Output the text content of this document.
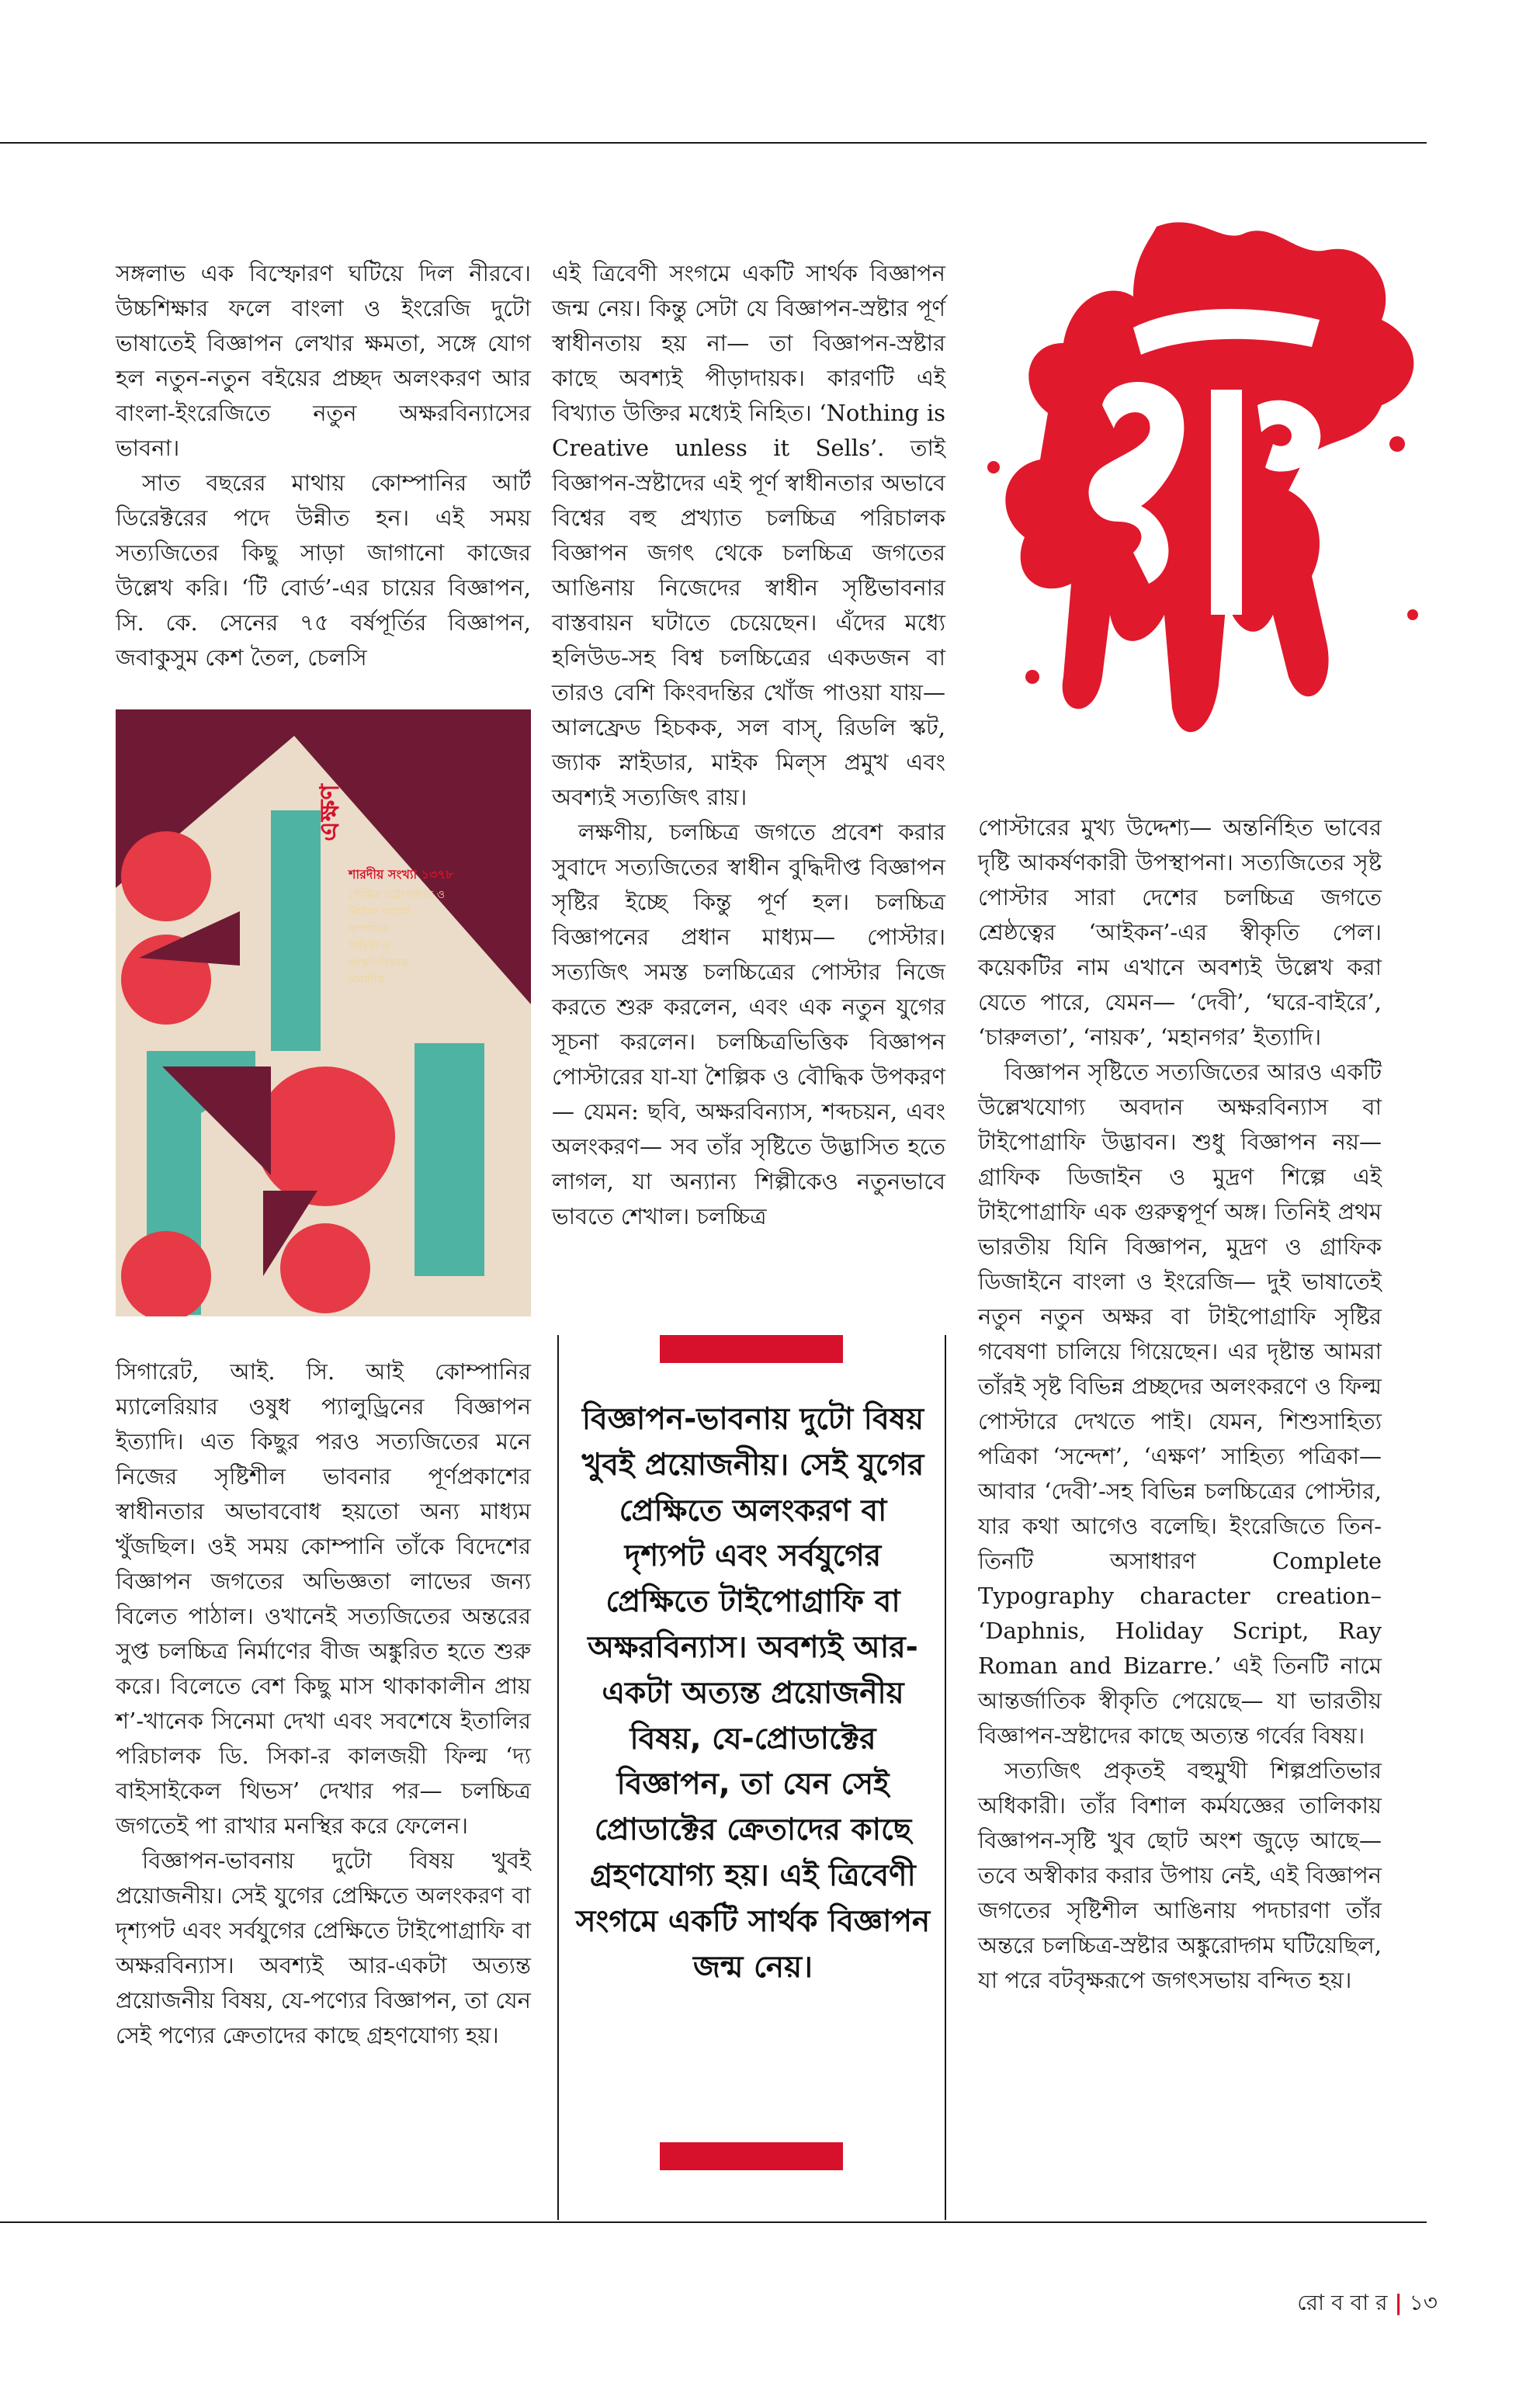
সঙ্গলাভ এক বিস্ফোরণ ঘটিয়ে দিল নীরবে। উচ্চশিক্ষার ফলে বাংলা ও ইংরেজি দুটো ভাষাতেই বিজ্ঞাপন লেখার ক্ষমতা, সঙ্গে যোগ হল নতুন-নতুন বইয়ের প্রচ্ছদ অলংকরণ আর বাংলা-ইংরেজিতে নতুন অক্ষরবিন্যাসের ভাবনা।

সাত বছরের মাথায় কোম্পানির আর্ট ডিরেক্টরের পদে উন্নীত হন। এই সময় সত্যজিতের কিছু সাড়া জাগানো কাজের উল্লেখ করি। ‘টি বোর্ড’-এর চায়ের বিজ্ঞাপন, সি. কে. সেনের ৭৫ বর্ষপূর্তির বিজ্ঞাপন, জবাকুসুম কেশ তৈল, চেলসি

এক্ষণ
শারদীয় সংখ্যা ১৩৭৮
সৌমিত্র চট্টোপাধ্যায় ও
নির্মাল্য আচার্য
সম্পাদিত
সাহিত্য ও
সংস্কৃতিবিষয়ক
বিমাসিক

সিগারেট, আই. সি. আই কোম্পানির ম্যালেরিয়ার ওষুধ প্যালুড্রিনের বিজ্ঞাপন ইত্যাদি। এত কিছুর পরও সত্যজিতের মনে নিজের সৃষ্টিশীল ভাবনার পূর্ণপ্রকাশের স্বাধীনতার অভাববোধ হয়তো অন্য মাধ্যম খুঁজছিল। ওই সময় কোম্পানি তাঁকে বিদেশের বিজ্ঞাপন জগতের অভিজ্ঞতা লাভের জন্য বিলেত পাঠাল। ওখানেই সত্যজিতের অন্তরের সুপ্ত চলচ্চিত্র নির্মাণের বীজ অঙ্কুরিত হতে শুরু করে। বিলেতে বেশ কিছু মাস থাকাকালীন প্রায় শ’-খানেক সিনেমা দেখা এবং সবশেষে ইতালির পরিচালক ডি. সিকা-র কালজয়ী ফিল্ম ‘দ্য বাইসাইকেল থিভস’ দেখার পর— চলচ্চিত্র জগতেই পা রাখার মনস্থির করে ফেলেন।

বিজ্ঞাপন-ভাবনায় দুটো বিষয় খুবই প্রয়োজনীয়। সেই যুগের প্রেক্ষিতে অলংকরণ বা দৃশ্যপট এবং সর্বযুগের প্রেক্ষিতে টাইপোগ্রাফি বা অক্ষরবিন্যাস। অবশ্যই আর-একটা অত্যন্ত প্রয়োজনীয় বিষয়, যে-পণ্যের বিজ্ঞাপন, তা যেন সেই পণ্যের ক্রেতাদের কাছে গ্রহণযোগ্য হয়।

এই ত্রিবেণী সংগমে একটি সার্থক বিজ্ঞাপন জন্ম নেয়। কিন্তু সেটা যে বিজ্ঞাপন-স্রষ্টার পূর্ণ স্বাধীনতায় হয় না— তা বিজ্ঞাপন-স্রষ্টার কাছে অবশ্যই পীড়াদায়ক। কারণটি এই বিখ্যাত উক্তির মধ্যেই নিহিত। ‘Nothing is Creative unless it Sells’. তাই বিজ্ঞাপন-স্রষ্টাদের এই পূর্ণ স্বাধীনতার অভাবে বিশ্বের বহু প্রখ্যাত চলচ্চিত্র পরিচালক বিজ্ঞাপন জগৎ থেকে চলচ্চিত্র জগতের আঙিনায় নিজেদের স্বাধীন সৃষ্টিভাবনার বাস্তবায়ন ঘটাতে চেয়েছেন। এঁদের মধ্যে হলিউড-সহ বিশ্ব চলচ্চিত্রের একডজন বা তারও বেশি কিংবদন্তির খোঁজ পাওয়া যায়— আলফ্রেড হিচকক, সল বাস্, রিডলি স্কট, জ্যাক স্নাইডার, মাইক মিল্স প্রমুখ এবং অবশ্যই সত্যজিৎ রায়।

লক্ষণীয়, চলচ্চিত্র জগতে প্রবেশ করার সুবাদে সত্যজিতের স্বাধীন বুদ্ধিদীপ্ত বিজ্ঞাপন সৃষ্টির ইচ্ছে কিন্তু পূর্ণ হল। চলচ্চিত্র বিজ্ঞাপনের প্রধান মাধ্যম— পোস্টার। সত্যজিৎ সমস্ত চলচ্চিত্রের পোস্টার নিজে করতে শুরু করলেন, এবং এক নতুন যুগের সূচনা করলেন। চলচ্চিত্রভিত্তিক বিজ্ঞাপন পোস্টারের যা-যা শৈল্পিক ও বৌদ্ধিক উপকরণ— যেমন: ছবি, অক্ষরবিন্যাস, শব্দচয়ন, এবং অলংকরণ— সব তাঁর সৃষ্টিতে উদ্ভাসিত হতে লাগল, যা অন্যান্য শিল্পীকেও নতুনভাবে ভাবতে শেখাল। চলচ্চিত্র

পোস্টারের মুখ্য উদ্দেশ্য— অন্তর্নিহিত ভাবের দৃষ্টি আকর্ষণকারী উপস্থাপনা। সত্যজিতের সৃষ্ট পোস্টার সারা দেশের চলচ্চিত্র জগতে শ্রেষ্ঠত্বের ‘আইকন’-এর স্বীকৃতি পেল। কয়েকটির নাম এখানে অবশ্যই উল্লেখ করা যেতে পারে, যেমন— ‘দেবী’, ‘ঘরে-বাইরে’, ‘চারুলতা’, ‘নায়ক’, ‘মহানগর’ ইত্যাদি।

বিজ্ঞাপন সৃষ্টিতে সত্যজিতের আরও একটি উল্লেখযোগ্য অবদান অক্ষরবিন্যাস বা টাইপোগ্রাফি উদ্ভাবন। শুধু বিজ্ঞাপন নয়— গ্রাফিক ডিজাইন ও মুদ্রণ শিল্পে এই টাইপোগ্রাফি এক গুরুত্বপূর্ণ অঙ্গ। তিনিই প্রথম ভারতীয় যিনি বিজ্ঞাপন, মুদ্রণ ও গ্রাফিক ডিজাইনে বাংলা ও ইংরেজি— দুই ভাষাতেই নতুন নতুন অক্ষর বা টাইপোগ্রাফি সৃষ্টির গবেষণা চালিয়ে গিয়েছেন। এর দৃষ্টান্ত আমরা তাঁরই সৃষ্ট বিভিন্ন প্রচ্ছদের অলংকরণে ও ফিল্ম পোস্টারে দেখতে পাই। যেমন, শিশুসাহিত্য পত্রিকা ‘সন্দেশ’, ‘এক্ষণ’ সাহিত্য পত্রিকা— আবার ‘দেবী’-সহ বিভিন্ন চলচ্চিত্রের পোস্টার, যার কথা আগেও বলেছি। ইংরেজিতে তিন-তিনটি অসাধারণ Complete Typography character creation– ‘Daphnis, Holiday Script, Ray Roman and Bizarre.’ এই তিনটি নামে আন্তর্জাতিক স্বীকৃতি পেয়েছে— যা ভারতীয় বিজ্ঞাপন-স্রষ্টাদের কাছে অত্যন্ত গর্বের বিষয়।

সত্যজিৎ প্রকৃতই বহুমুখী শিল্পপ্রতিভার অধিকারী। তাঁর বিশাল কর্মযজ্ঞের তালিকায় বিজ্ঞাপন-সৃষ্টি খুব ছোট অংশ জুড়ে আছে— তবে অস্বীকার করার উপায় নেই, এই বিজ্ঞাপন জগতের সৃষ্টিশীল আঙিনায় পদচারণা তাঁর অন্তরে চলচ্চিত্র-স্রষ্টার অঙ্কুরোদ্গম ঘটিয়েছিল, যা পরে বটবৃক্ষরূপে জগৎসভায় বন্দিত হয়।

বিজ্ঞাপন-ভাবনায় দুটো বিষয় খুবই প্রয়োজনীয়। সেই যুগের প্রেক্ষিতে অলংকরণ বা দৃশ্যপট এবং সর্বযুগের প্রেক্ষিতে টাইপোগ্রাফি বা অক্ষরবিন্যাস। অবশ্যই আর-একটা অত্যন্ত প্রয়োজনীয় বিষয়, যে-প্রোডাক্টের বিজ্ঞাপন, তা যেন সেই প্রোডাক্টের ক্রেতাদের কাছে গ্রহণযোগ্য হয়। এই ত্রিবেণী সংগমে একটি সার্থক বিজ্ঞাপন জন্ম নেয়।
রো ব বা র | ১৩
